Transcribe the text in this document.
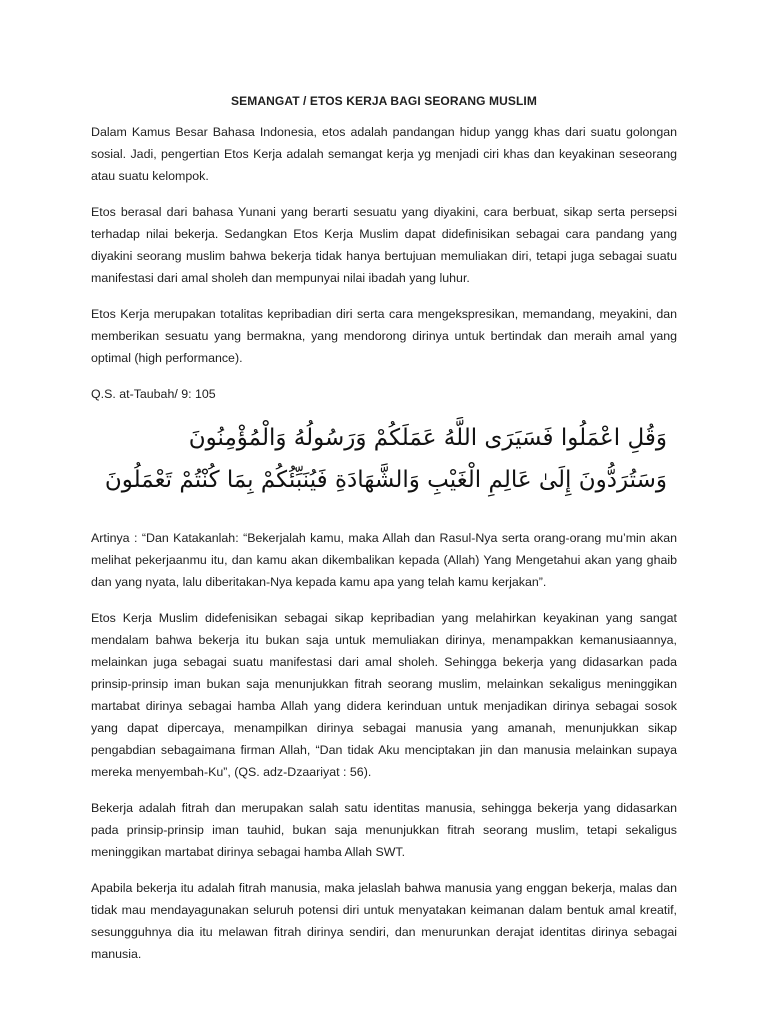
SEMANGAT / ETOS KERJA BAGI SEORANG MUSLIM

Dalam Kamus Besar Bahasa Indonesia, etos adalah pandangan hidup yangg khas dari suatu golongan sosial. Jadi, pengertian Etos Kerja adalah semangat kerja yg menjadi ciri khas dan keyakinan seseorang atau suatu kelompok.

Etos berasal dari bahasa Yunani yang berarti sesuatu yang diyakini, cara berbuat, sikap serta persepsi terhadap nilai bekerja. Sedangkan Etos Kerja Muslim dapat didefinisikan sebagai cara pandang yang diyakini seorang muslim bahwa bekerja tidak hanya bertujuan memuliakan diri, tetapi juga sebagai suatu manifestasi dari amal sholeh dan mempunyai nilai ibadah yang luhur.

Etos Kerja merupakan totalitas kepribadian diri serta cara mengekspresikan, memandang, meyakini, dan memberikan sesuatu yang bermakna, yang mendorong dirinya untuk bertindak dan meraih amal yang optimal (high performance).

Q.S. at-Taubah/ 9: 105
وَقُلِ اعْمَلُوا فَسَيَرَى اللَّهُ عَمَلَكُمْ وَرَسُولُهُ وَالْمُؤْمِنُونَ
وَسَتُرَدُّونَ إِلَىٰ عَالِمِ الْغَيْبِ وَالشَّهَادَةِ فَيُنَبِّئُكُمْ بِمَا كُنْتُمْ تَعْمَلُونَ

Artinya : “Dan Katakanlah: “Bekerjalah kamu, maka Allah dan Rasul-Nya serta orang-orang mu’min akan melihat pekerjaanmu itu, dan kamu akan dikembalikan kepada (Allah) Yang Mengetahui akan yang ghaib dan yang nyata, lalu diberitakan-Nya kepada kamu apa yang telah kamu kerjakan”.

Etos Kerja Muslim didefenisikan sebagai sikap kepribadian yang melahirkan keyakinan yang sangat mendalam bahwa bekerja itu bukan saja untuk memuliakan dirinya, menampakkan kemanusiaannya, melainkan juga sebagai suatu manifestasi dari amal sholeh. Sehingga bekerja yang didasarkan pada prinsip-prinsip iman bukan saja menunjukkan fitrah seorang muslim, melainkan sekaligus meninggikan martabat dirinya sebagai hamba Allah yang didera kerinduan untuk menjadikan dirinya sebagai sosok yang dapat dipercaya, menampilkan dirinya sebagai manusia yang amanah, menunjukkan sikap pengabdian sebagaimana firman Allah, “Dan tidak Aku menciptakan jin dan manusia melainkan supaya mereka menyembah-Ku”, (QS. adz-Dzaariyat : 56).

Bekerja adalah fitrah dan merupakan salah satu identitas manusia, sehingga bekerja yang didasarkan pada prinsip-prinsip iman tauhid, bukan saja menunjukkan fitrah seorang muslim, tetapi sekaligus meninggikan martabat dirinya sebagai hamba Allah SWT.

Apabila bekerja itu adalah fitrah manusia, maka jelaslah bahwa manusia yang enggan bekerja, malas dan tidak mau mendayagunakan seluruh potensi diri untuk menyatakan keimanan dalam bentuk amal kreatif, sesungguhnya dia itu melawan fitrah dirinya sendiri, dan menurunkan derajat identitas dirinya sebagai manusia.
